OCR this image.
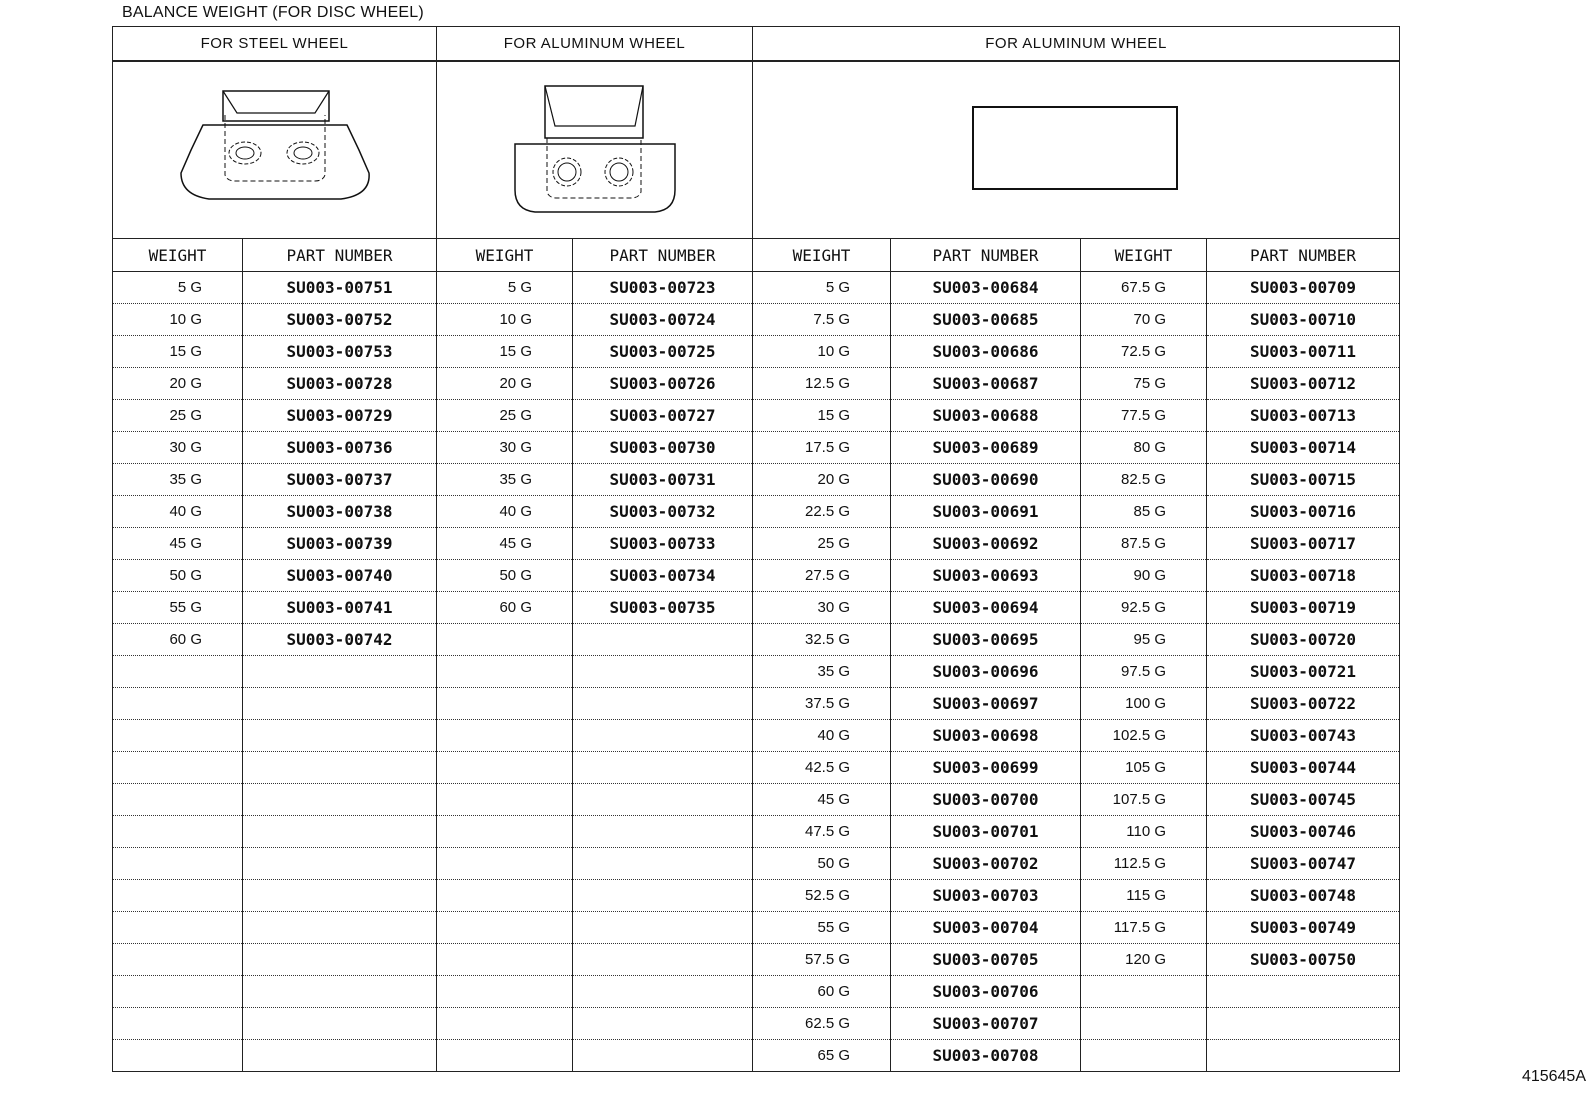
BALANCE WEIGHT (FOR DISC WHEEL)
FOR STEEL WHEEL		FOR ALUMINUM WHEEL		FOR ALUMINUM WHEEL			

WEIGHT	PART NUMBER	WEIGHT	PART NUMBER	WEIGHT	PART NUMBER	WEIGHT	PART NUMBER
5 G	SU003-00751	5 G	SU003-00723	5 G	SU003-00684	67.5 G	SU003-00709
10 G	SU003-00752	10 G	SU003-00724	7.5 G	SU003-00685	70 G	SU003-00710
15 G	SU003-00753	15 G	SU003-00725	10 G	SU003-00686	72.5 G	SU003-00711
20 G	SU003-00728	20 G	SU003-00726	12.5 G	SU003-00687	75 G	SU003-00712
25 G	SU003-00729	25 G	SU003-00727	15 G	SU003-00688	77.5 G	SU003-00713
30 G	SU003-00736	30 G	SU003-00730	17.5 G	SU003-00689	80 G	SU003-00714
35 G	SU003-00737	35 G	SU003-00731	20 G	SU003-00690	82.5 G	SU003-00715
40 G	SU003-00738	40 G	SU003-00732	22.5 G	SU003-00691	85 G	SU003-00716
45 G	SU003-00739	45 G	SU003-00733	25 G	SU003-00692	87.5 G	SU003-00717
50 G	SU003-00740	50 G	SU003-00734	27.5 G	SU003-00693	90 G	SU003-00718
55 G	SU003-00741	60 G	SU003-00735	30 G	SU003-00694	92.5 G	SU003-00719
60 G	SU003-00742			32.5 G	SU003-00695	95 G	SU003-00720
				35 G	SU003-00696	97.5 G	SU003-00721
				37.5 G	SU003-00697	100 G	SU003-00722
				40 G	SU003-00698	102.5 G	SU003-00743
				42.5 G	SU003-00699	105 G	SU003-00744
				45 G	SU003-00700	107.5 G	SU003-00745
				47.5 G	SU003-00701	110 G	SU003-00746
				50 G	SU003-00702	112.5 G	SU003-00747
				52.5 G	SU003-00703	115 G	SU003-00748
				55 G	SU003-00704	117.5 G	SU003-00749
				57.5 G	SU003-00705	120 G	SU003-00750
				60 G	SU003-00706		
				62.5 G	SU003-00707		
				65 G	SU003-00708		
415645A
